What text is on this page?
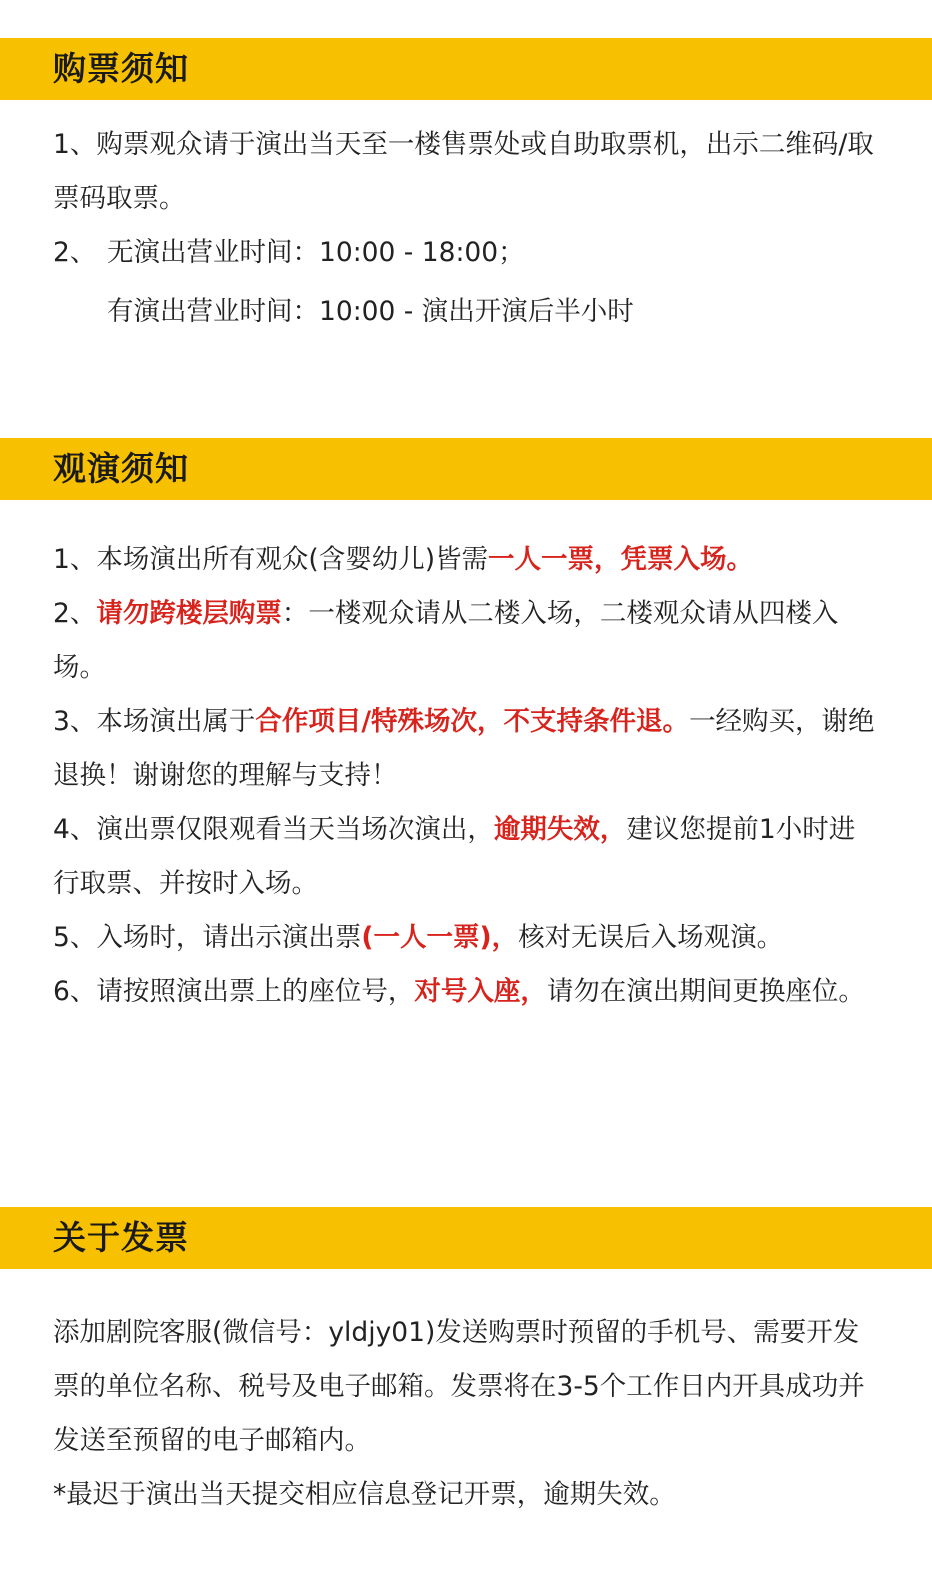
购票须知

1、购票观众请于演出当天至一楼售票处或自助取票机，出示二维码/取票码取票。

2、 无演出营业时间：10:00 - 18:00；
有演出营业时间：10:00 - 演出开演后半小时
观演须知

1、本场演出所有观众(含婴幼儿)皆需一人一票，凭票入场。

2、请勿跨楼层购票：一楼观众请从二楼入场，二楼观众请从四楼入场。

3、本场演出属于合作项目/特殊场次，不支持条件退。一经购买，谢绝退换！谢谢您的理解与支持！

4、演出票仅限观看当天当场次演出，逾期失效，建议您提前1小时进行取票、并按时入场。

5、入场时，请出示演出票(一人一票)，核对无误后入场观演。

6、请按照演出票上的座位号，对号入座，请勿在演出期间更换座位。

关于发票

添加剧院客服(微信号：yldjy01)发送购票时预留的手机号、需要开发票的单位名称、税号及电子邮箱。发票将在3-5个工作日内开具成功并发送至预留的电子邮箱内。

*最迟于演出当天提交相应信息登记开票，逾期失效。
